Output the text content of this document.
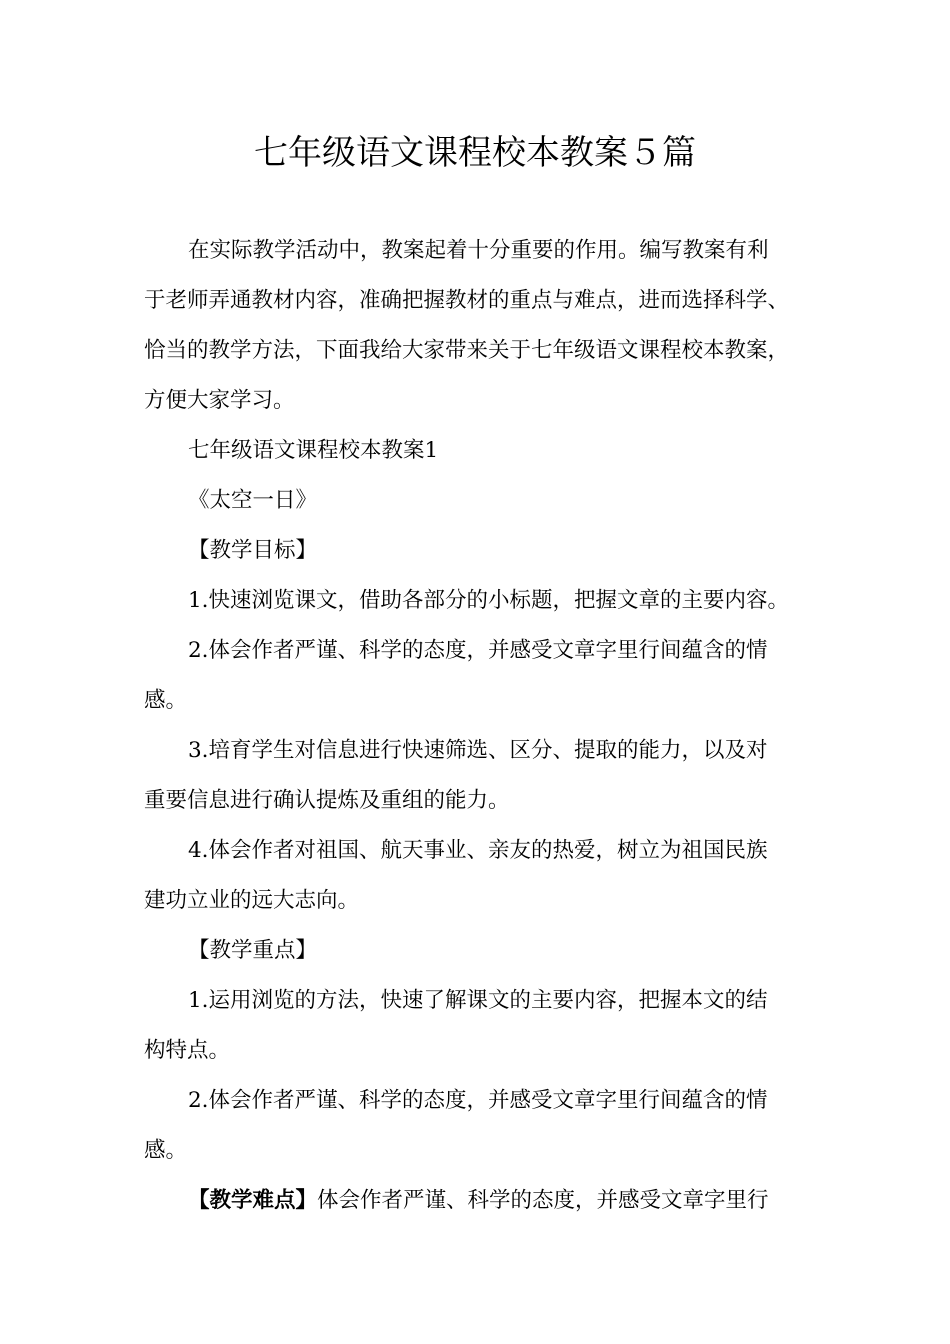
七年级语文课程校本教案５篇
在实际教学活动中，教案起着十分重要的作用。编写教案有利
于老师弄通教材内容，准确把握教材的重点与难点，进而选择科学、
恰当的教学方法，下面我给大家带来关于七年级语文课程校本教案，
方便大家学习。
七年级语文课程校本教案1
《太空一日》
【教学目标】
1.快速浏览课文，借助各部分的小标题，把握文章的主要内容。
2.体会作者严谨、科学的态度，并感受文章字里行间蕴含的情
感。
3.培育学生对信息进行快速筛选、区分、提取的能力，以及对
重要信息进行确认提炼及重组的能力。
4.体会作者对祖国、航天事业、亲友的热爱，树立为祖国民族
建功立业的远大志向。
【教学重点】
1.运用浏览的方法，快速了解课文的主要内容，把握本文的结
构特点。
2.体会作者严谨、科学的态度，并感受文章字里行间蕴含的情
感。
【教学难点】体会作者严谨、科学的态度，并感受文章字里行
